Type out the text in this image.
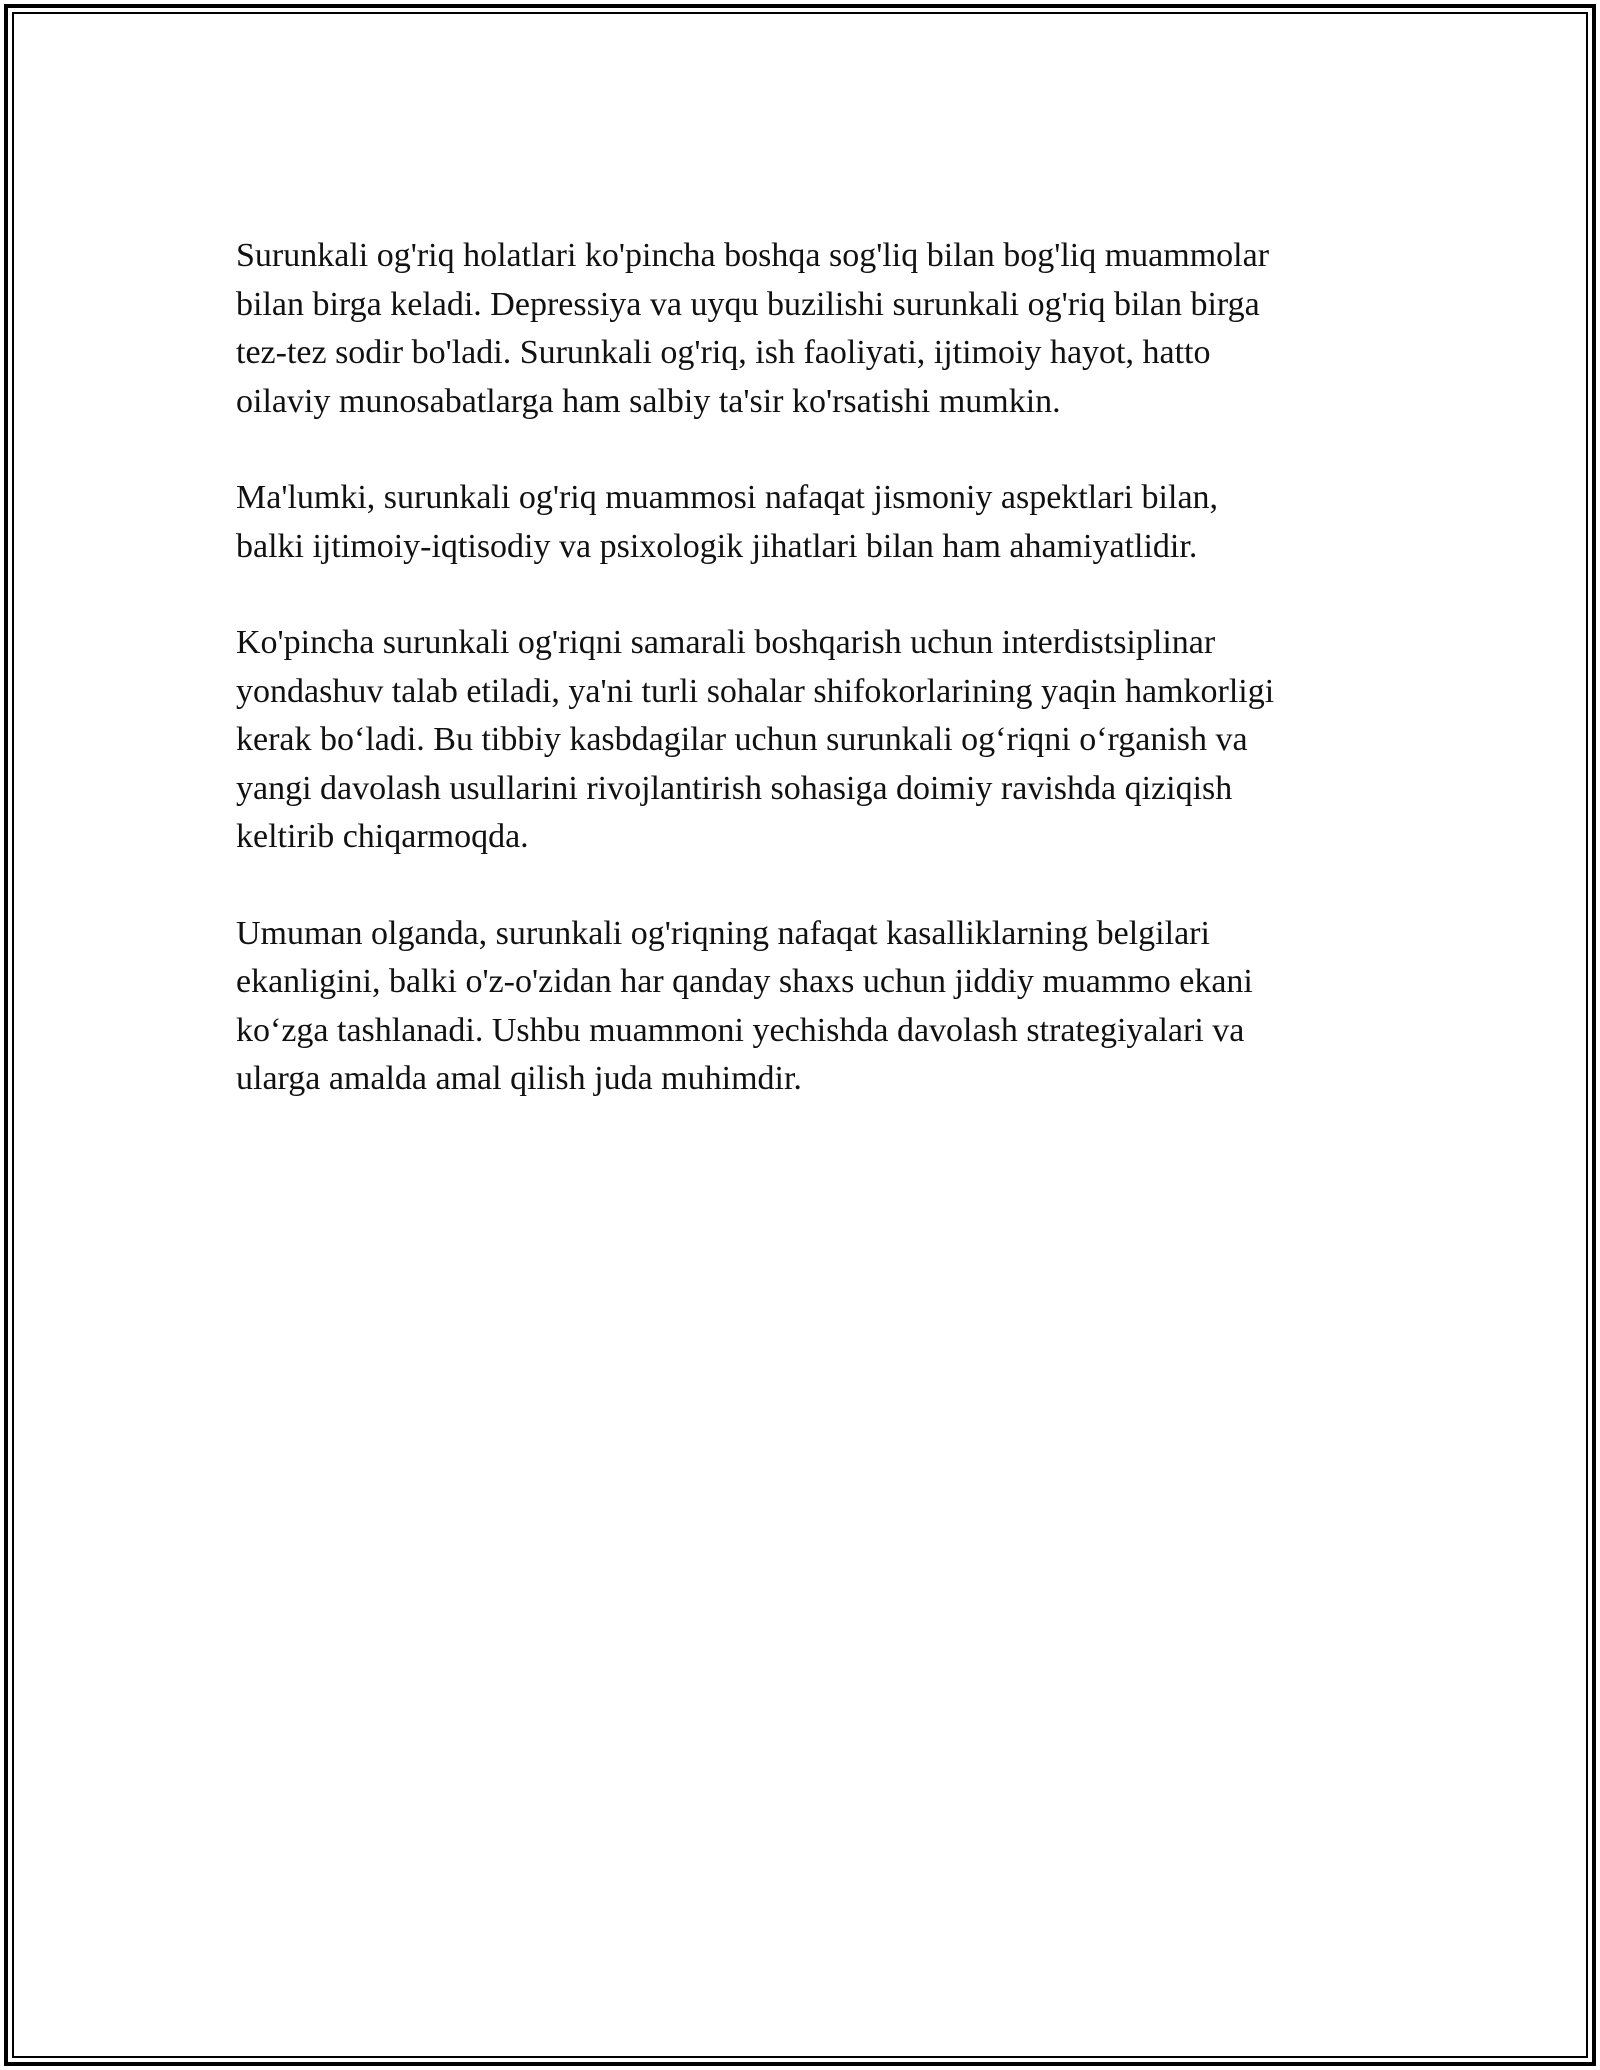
Surunkali og'riq holatlari ko'pincha boshqa sog'liq bilan bog'liq muammolar
bilan birga keladi. Depressiya va uyqu buzilishi surunkali og'riq bilan birga
tez-tez sodir bo'ladi. Surunkali og'riq, ish faoliyati, ijtimoiy hayot, hatto
oilaviy munosabatlarga ham salbiy ta'sir ko'rsatishi mumkin.

Ma'lumki, surunkali og'riq muammosi nafaqat jismoniy aspektlari bilan,
balki ijtimoiy-iqtisodiy va psixologik jihatlari bilan ham ahamiyatlidir.

Ko'pincha surunkali og'riqni samarali boshqarish uchun interdistsiplinar
yondashuv talab etiladi, ya'ni turli sohalar shifokorlarining yaqin hamkorligi
kerak bo‘ladi. Bu tibbiy kasbdagilar uchun surunkali og‘riqni o‘rganish va
yangi davolash usullarini rivojlantirish sohasiga doimiy ravishda qiziqish
keltirib chiqarmoqda.

Umuman olganda, surunkali og'riqning nafaqat kasalliklarning belgilari
ekanligini, balki o'z-o'zidan har qanday shaxs uchun jiddiy muammo ekani
ko‘zga tashlanadi. Ushbu muammoni yechishda davolash strategiyalari va
ularga amalda amal qilish juda muhimdir.
